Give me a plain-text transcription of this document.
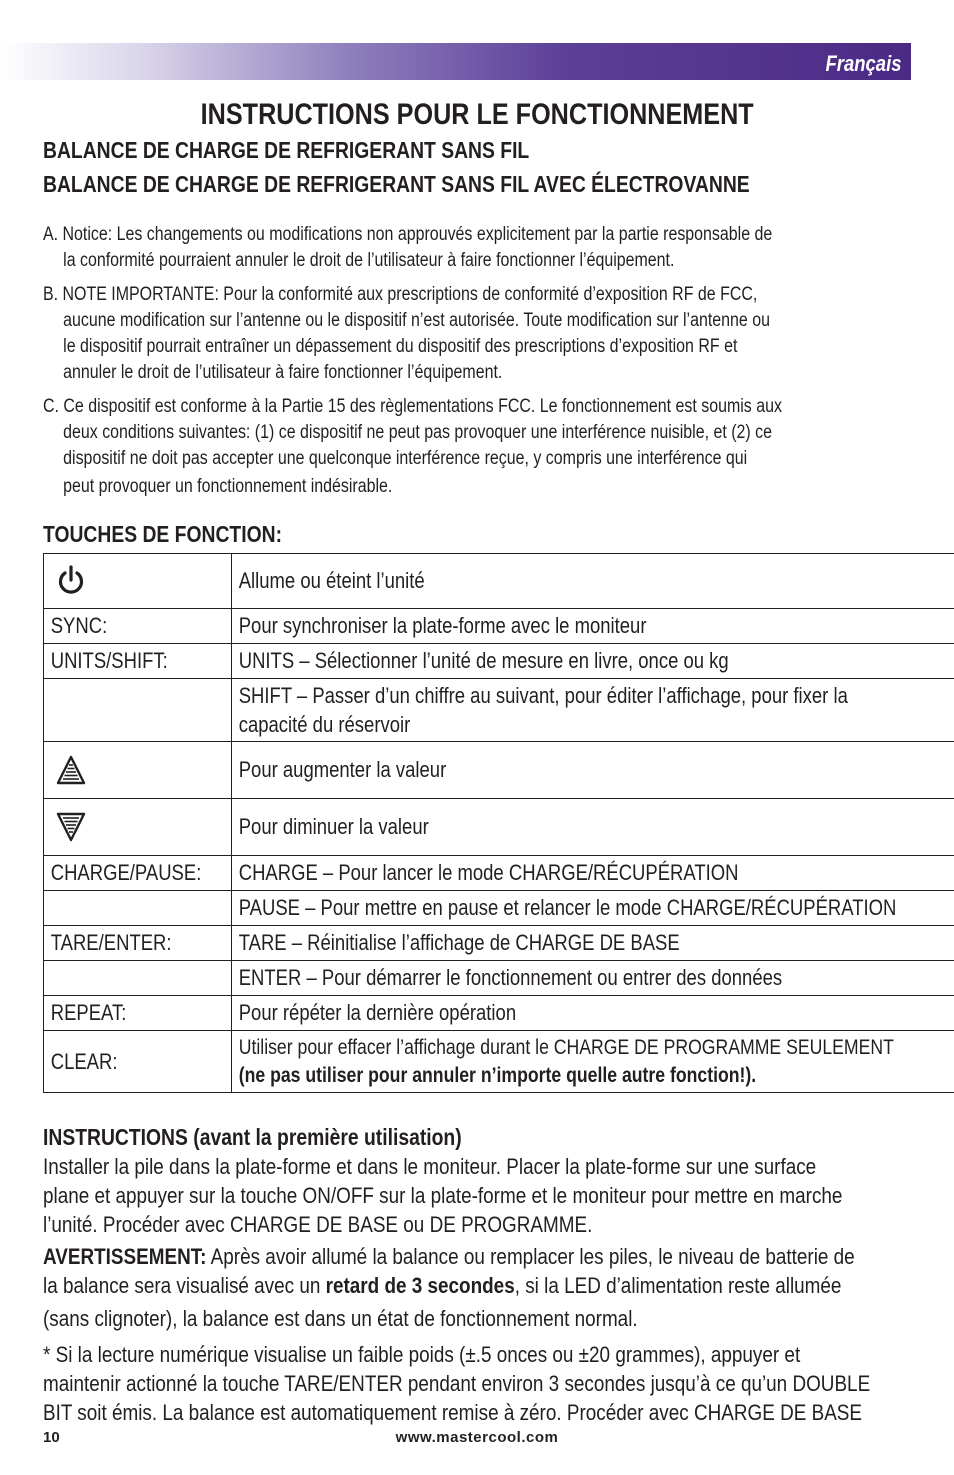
Français
INSTRUCTIONS POUR LE FONCTIONNEMENT
BALANCE DE CHARGE DE REFRIGERANT SANS FIL
BALANCE DE CHARGE DE REFRIGERANT SANS FIL AVEC ÉLECTROVANNE
A. Notice: Les changements ou modifications non approuvés explicitement par la partie responsable de
la conformité pourraient annuler le droit de l’utilisateur à faire fonctionner l’équipement.
B. NOTE IMPORTANTE: Pour la conformité aux prescriptions de conformité d’exposition RF de FCC,
aucune modification sur l’antenne ou le dispositif n’est autorisée. Toute modification sur l’antenne ou
le dispositif pourrait entraîner un dépassement du dispositif des prescriptions d’exposition RF et
annuler le droit de l’utilisateur à faire fonctionner l’équipement.
C. Ce dispositif est conforme à la Partie 15 des règlementations FCC. Le fonctionnement est soumis aux
deux conditions suivantes: (1) ce dispositif ne peut pas provoquer une interférence nuisible, et (2) ce
dispositif ne doit pas accepter une quelconque interférence reçue, y compris une interférence qui
peut provoquer un fonctionnement indésirable.
TOUCHES DE FONCTION:

Allume ou éteint l’unité

SYNC:	Pour synchroniser la plate-forme avec le moniteur

UNITS/SHIFT:	UNITS – Sélectionner l’unité de mesure en livre, once ou kg

	SHIFT – Passer d’un chiffre au suivant, pour éditer l’affichage, pour fixer la
capacité du réservoir

Pour augmenter la valeur

Pour diminuer la valeur

CHARGE/PAUSE:	CHARGE – Pour lancer le mode CHARGE/RÉCUPÉRATION

	PAUSE – Pour mettre en pause et relancer le mode CHARGE/RÉCUPÉRATION

TARE/ENTER:	TARE – Réinitialise l’affichage de CHARGE DE BASE

	ENTER – Pour démarrer le fonctionnement ou entrer des données

REPEAT:	Pour répéter la dernière opération

CLEAR:	Utiliser pour effacer l’affichage durant le CHARGE DE PROGRAMME SEULEMENT
(ne pas utiliser pour annuler n’importe quelle autre fonction!).
INSTRUCTIONS (avant la première utilisation)
Installer la pile dans la plate-forme et dans le moniteur. Placer la plate-forme sur une surface
plane et appuyer sur la touche ON/OFF sur la plate-forme et le moniteur pour mettre en marche
l’unité. Procéder avec CHARGE DE BASE ou DE PROGRAMME.
AVERTISSEMENT: Après avoir allumé la balance ou remplacer les piles, le niveau de batterie de
la balance sera visualisé avec un retard de 3 secondes, si la LED d’alimentation reste allumée
(sans clignoter), la balance est dans un état de fonctionnement normal.
* Si la lecture numérique visualise un faible poids (±.5 onces ou ±20 grammes), appuyer et
maintenir actionné la touche TARE/ENTER pendant environ 3 secondes jusqu’à ce qu’un DOUBLE
BIT soit émis. La balance est automatiquement remise à zéro. Procéder avec CHARGE DE BASE
10	www.mastercool.com
